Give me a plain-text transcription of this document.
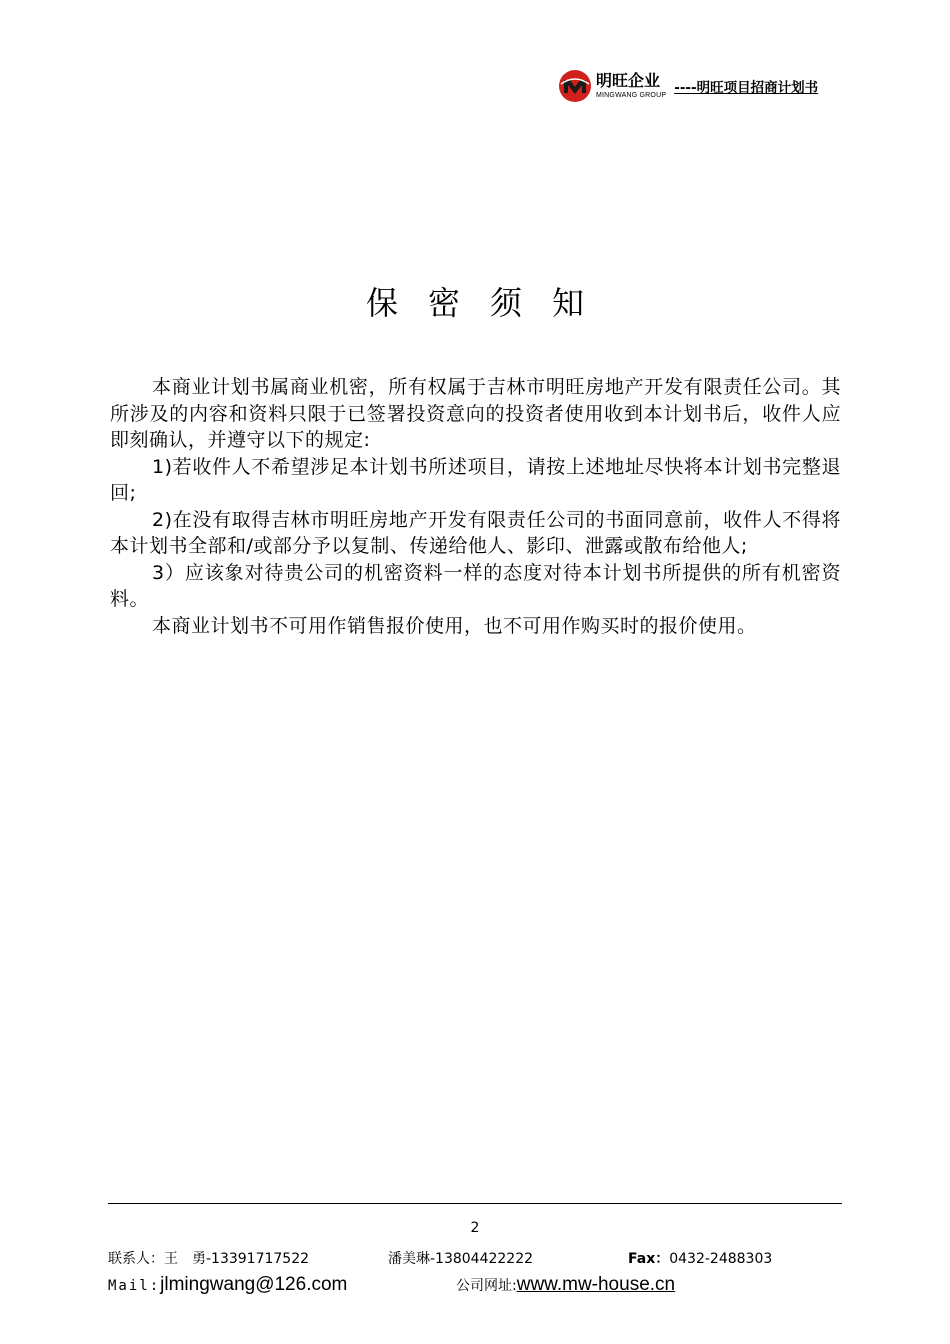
明旺企业
MINGWANG GROUP ----明旺项目招商计划书
保密须知

本商业计划书属商业机密，所有权属于吉林市明旺房地产开发有限责任公司。其所涉及的内容和资料只限于已签署投资意向的投资者使用收到本计划书后，收件人应即刻确认，并遵守以下的规定:

1)若收件人不希望涉足本计划书所述项目，请按上述地址尽快将本计划书完整退回;

2)在没有取得吉林市明旺房地产开发有限责任公司的书面同意前，收件人不得将本计划书全部和/或部分予以复制、传递给他人、影印、泄露或散布给他人;

3）应该象对待贵公司的机密资料一样的态度对待本计划书所提供的所有机密资料。

本商业计划书不可用作销售报价使用，也不可用作购买时的报价使用。

2
联系人：王　勇-13391717522	潘美琳-13804422222	Fax：0432-2488303
Mail:jlmingwang@126.com	公司网址:www.mw-house.cn
